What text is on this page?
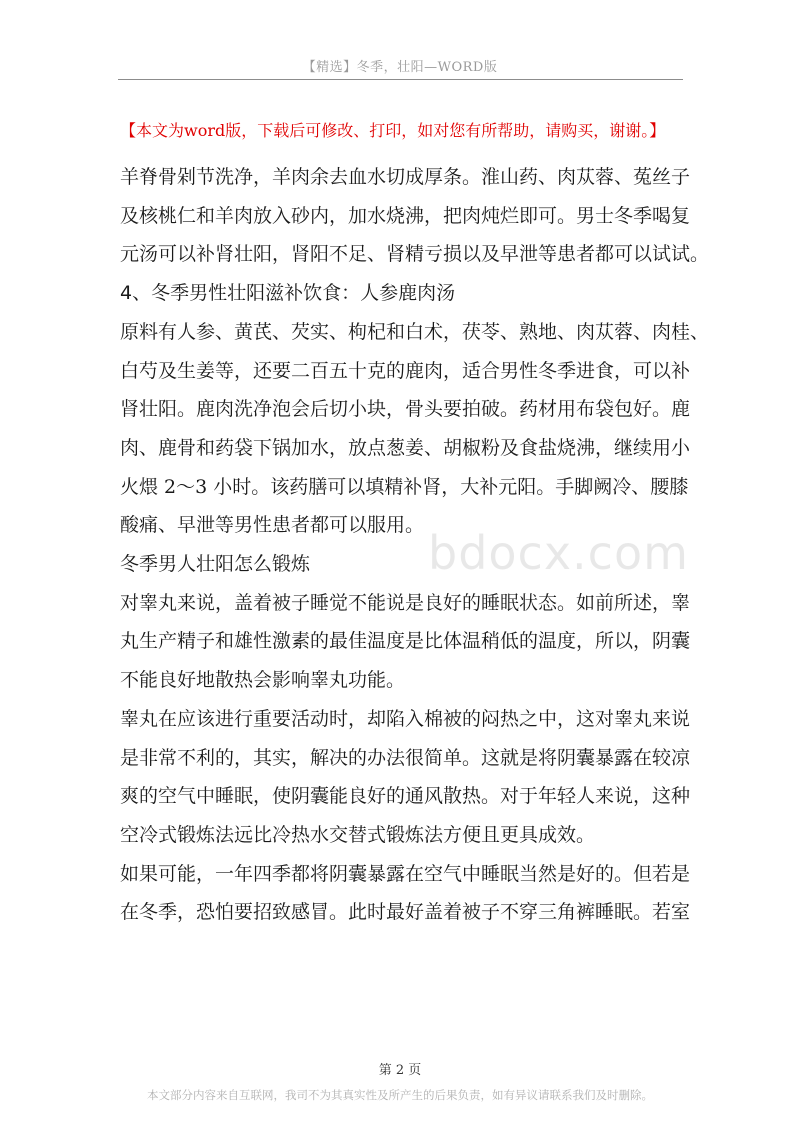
【精选】冬季，壮阳—WORD版
【本文为word版，下载后可修改、打印，如对您有所帮助，请购买，谢谢。】

羊脊骨剁节洗净，羊肉余去血水切成厚条。淮山药、肉苁蓉、菟丝子

及核桃仁和羊肉放入砂内，加水烧沸，把肉炖烂即可。男士冬季喝复

元汤可以补肾壮阳，肾阳不足、肾精亏损以及早泄等患者都可以试试。

4、冬季男性壮阳滋补饮食：人参鹿肉汤

原料有人参、黄芪、芡实、枸杞和白术，茯苓、熟地、肉苁蓉、肉桂、

白芍及生姜等，还要二百五十克的鹿肉，适合男性冬季进食，可以补

肾壮阳。鹿肉洗净泡会后切小块，骨头要拍破。药材用布袋包好。鹿

肉、鹿骨和药袋下锅加水，放点葱姜、胡椒粉及食盐烧沸，继续用小

火煨 2～3 小时。该药膳可以填精补肾，大补元阳。手脚阙冷、腰膝

酸痛、早泄等男性患者都可以服用。

冬季男人壮阳怎么锻炼

对睾丸来说，盖着被子睡觉不能说是良好的睡眠状态。如前所述，睾

丸生产精子和雄性激素的最佳温度是比体温稍低的温度，所以，阴囊

不能良好地散热会影响睾丸功能。

睾丸在应该进行重要活动时，却陷入棉被的闷热之中，这对睾丸来说

是非常不利的，其实，解决的办法很简单。这就是将阴囊暴露在较凉

爽的空气中睡眠，使阴囊能良好的通风散热。对于年轻人来说，这种

空冷式锻炼法远比冷热水交替式锻炼法方便且更具成效。

如果可能，一年四季都将阴囊暴露在空气中睡眠当然是好的。但若是

在冬季，恐怕要招致感冒。此时最好盖着被子不穿三角裤睡眠。若室

bdocx.com
第 2 页
本文部分内容来自互联网，我司不为其真实性及所产生的后果负责，如有异议请联系我们及时删除。
